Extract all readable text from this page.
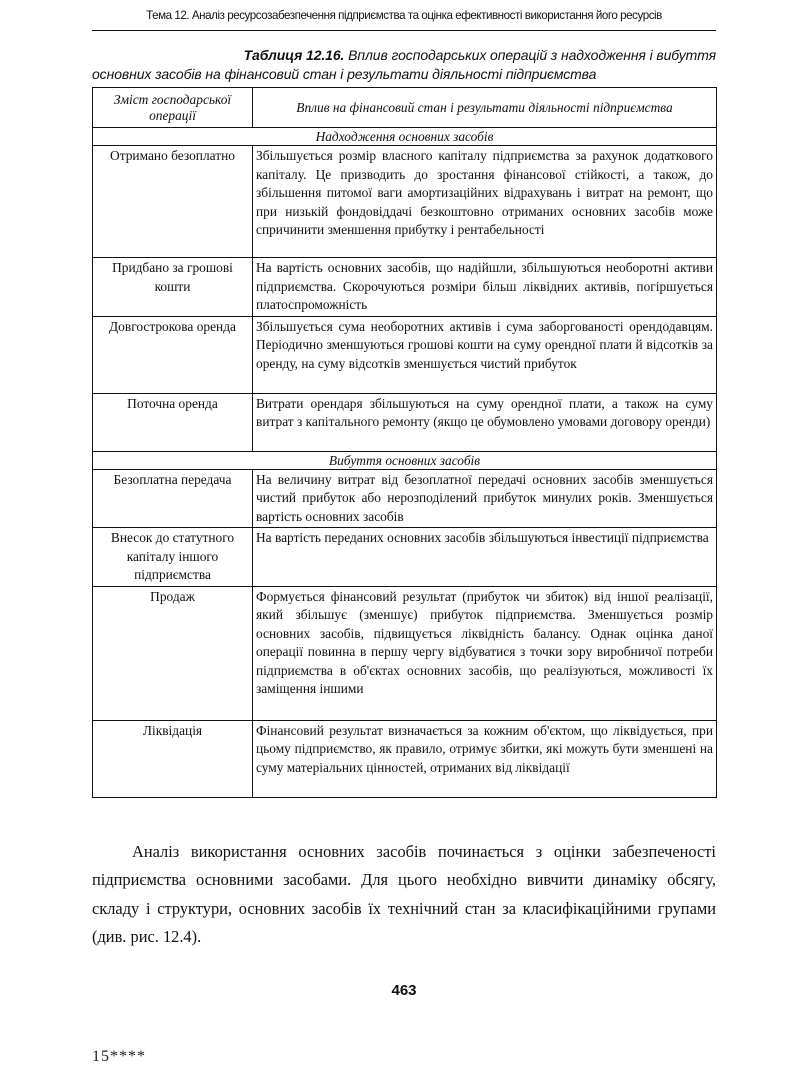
Тема 12. Аналіз ресурсозабезпечення підприємства та оцінка ефективності використання його ресурсів
Таблиця 12.16. Вплив господарських операцій з надходження і вибуття
основних засобів на фінансовий стан і результати діяльності підприємства
Зміст господарської операції	Вплив на фінансовий стан і результати діяльності підприємства
Надходження основних засобів	
Отримано безоплатно	Збільшується розмір власного капіталу підприємства за рахунок додаткового капіталу. Це призводить до зростання фінансової стійкості, а також, до збільшення питомої ваги амортизаційних відрахувань і витрат на ремонт, що при низькій фондовіддачі безкоштовно отриманих основних засобів може спричинити зменшення прибутку і рентабельності
Придбано за грошові кошти	На вартість основних засобів, що надійшли, збільшуються необоротні активи підприємства. Скорочуються розміри більш ліквідних активів, погіршується платоспроможність
Довгострокова оренда	Збільшується сума необоротних активів і сума заборгованості орендодавцям. Періодично зменшуються грошові кошти на суму орендної плати й відсотків за оренду, на суму відсотків зменшується чистий прибуток
Поточна оренда	Витрати орендаря збільшуються на суму орендної плати, а також на суму витрат з капітального ремонту (якщо це обумовлено умовами договору оренди)
Вибуття основних засобів	
Безоплатна передача	На величину витрат від безоплатної передачі основних засобів зменшується чистий прибуток або нерозподілений прибуток минулих років. Зменшується вартість основних засобів
Внесок до статутного капіталу іншого підприємства	На вартість переданих основних засобів збільшуються інвестиції підприємства
Продаж	Формується фінансовий результат (прибуток чи збиток) від іншої реалізації, який збільшує (зменшує) прибуток підприємства. Зменшується розмір основних засобів, підвищується ліквідність балансу. Однак оцінка даної операції повинна в першу чергу відбуватися з точки зору виробничої потреби підприємства в об'єктах основних засобів, що реалізуються, можливості їх заміщення іншими
Ліквідація	Фінансовий результат визначається за кожним об'єктом, що ліквідується, при цьому підприємство, як правило, отримує збитки, які можуть бути зменшені на суму матеріальних цінностей, отриманих від ліквідації

Аналіз використання основних засобів починається з оцінки забезпеченості підприємства основними засобами. Для цього необхідно вивчити динаміку обсягу, складу і структури, основних засобів їх технічний стан за класифікаційними групами (див. рис. 12.4).

463
15****
